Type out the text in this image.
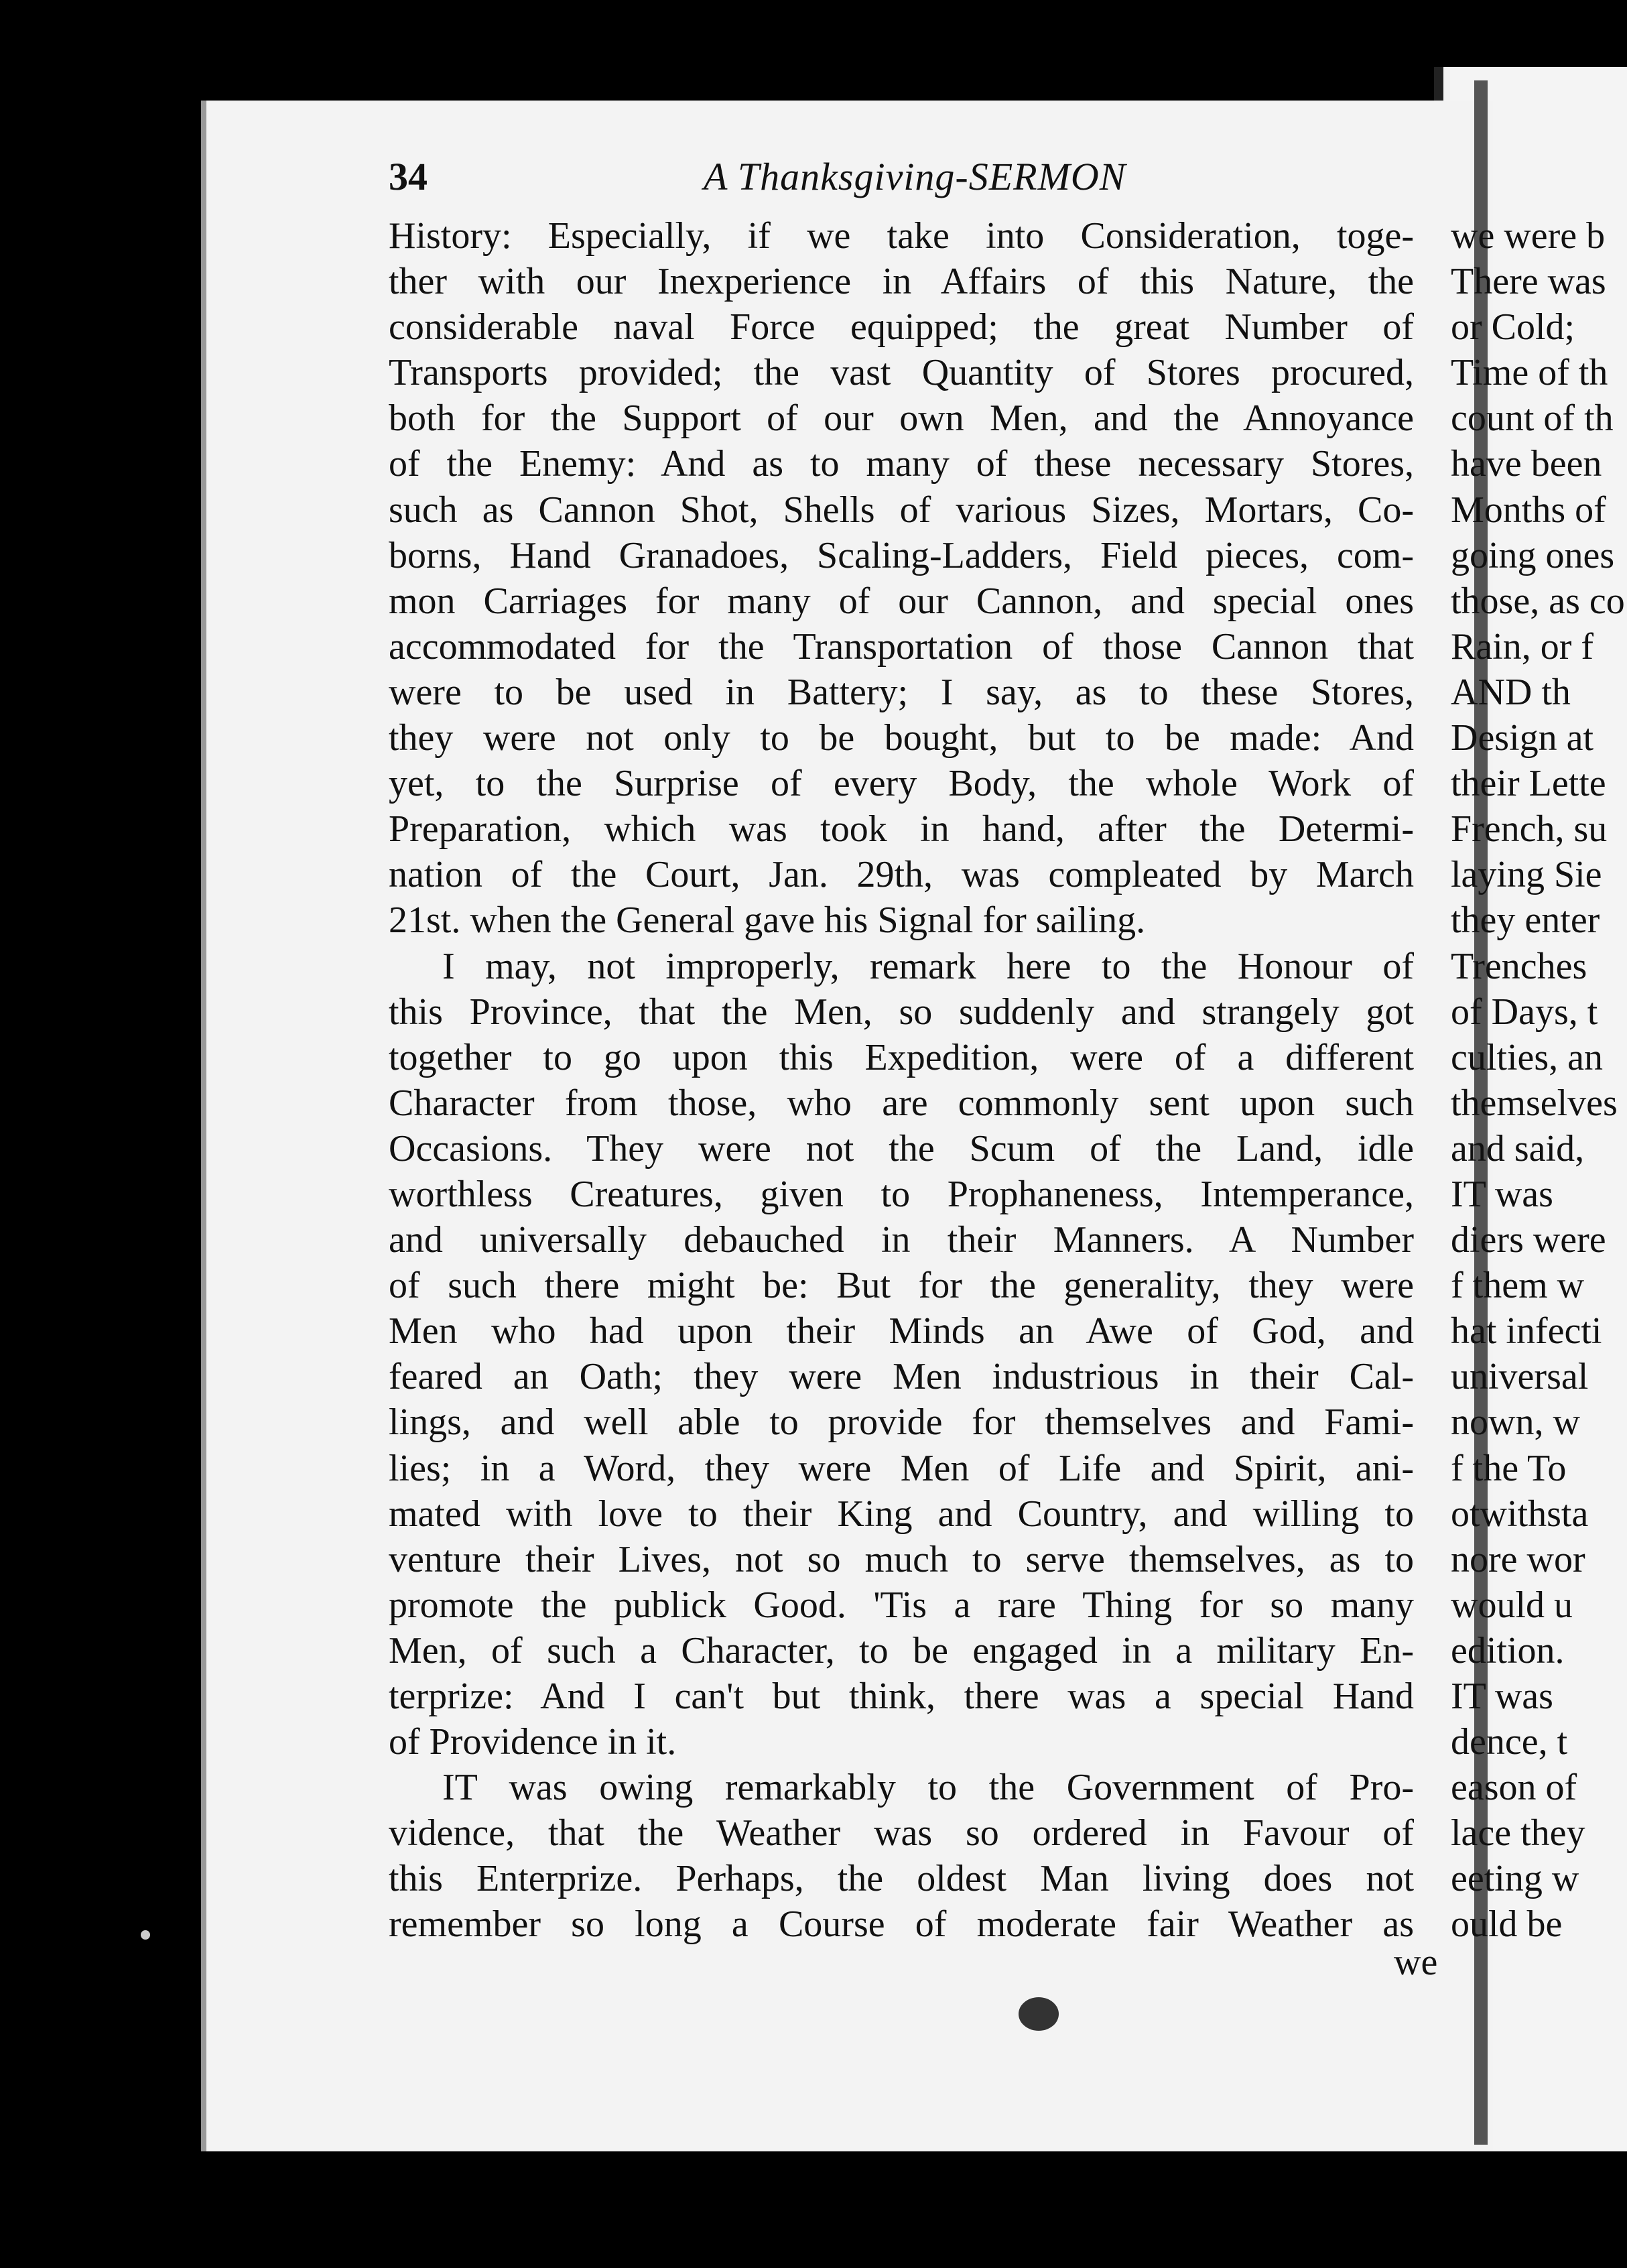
34	A Thanksgiving-SERMON
History: Especially, if we take into Consideration, toge-
ther with our Inexperience in Affairs of this Nature, the
considerable naval Force equipped; the great Number of
Transports provided; the vast Quantity of Stores procured,
both for the Support of our own Men, and the Annoyance
of the Enemy: And as to many of these necessary Stores,
such as Cannon Shot, Shells of various Sizes, Mortars, Co-
borns, Hand Granadoes, Scaling-Ladders, Field pieces, com-
mon Carriages for many of our Cannon, and special ones
accommodated for the Transportation of those Cannon that
were to be used in Battery; I say, as to these Stores,
they were not only to be bought, but to be made: And
yet, to the Surprise of every Body, the whole Work of
Preparation, which was took in hand, after the Determi-
nation of the Court, Jan. 29th, was compleated by March
21st. when the General gave his Signal for sailing.
I may, not improperly, remark here to the Honour of
this Province, that the Men, so suddenly and strangely got
together to go upon this Expedition, were of a different
Character from those, who are commonly sent upon such
Occasions. They were not the Scum of the Land, idle
worthless Creatures, given to Prophaneness, Intemperance,
and universally debauched in their Manners. A Number
of such there might be: But for the generality, they were
Men who had upon their Minds an Awe of God, and
feared an Oath; they were Men industrious in their Cal-
lings, and well able to provide for themselves and Fami-
lies; in a Word, they were Men of Life and Spirit, ani-
mated with love to their King and Country, and willing to
venture their Lives, not so much to serve themselves, as to
promote the publick Good. 'Tis a rare Thing for so many
Men, of such a Character, to be engaged in a military En-
terprize: And I can't but think, there was a special Hand
of Providence in it.
IT was owing remarkably to the Government of Pro-
vidence, that the Weather was so ordered in Favour of
this Enterprize. Perhaps, the oldest Man living does not
remember so long a Course of moderate fair Weather as
we
we were b
There was
or Cold;
Time of th
count of th
have been
Months of
going ones
those, as co
Rain, or f
AND th
Design at
their Lette
French, su
laying Sie
they enter
Trenches
of Days, t
culties, an
themselves
and said,
IT was
diers were
f them w
hat infecti
universal
nown, w
f the To
otwithsta
nore wor
would u
edition.
IT was
dence, t
eason of
lace they
eeting w
ould be
